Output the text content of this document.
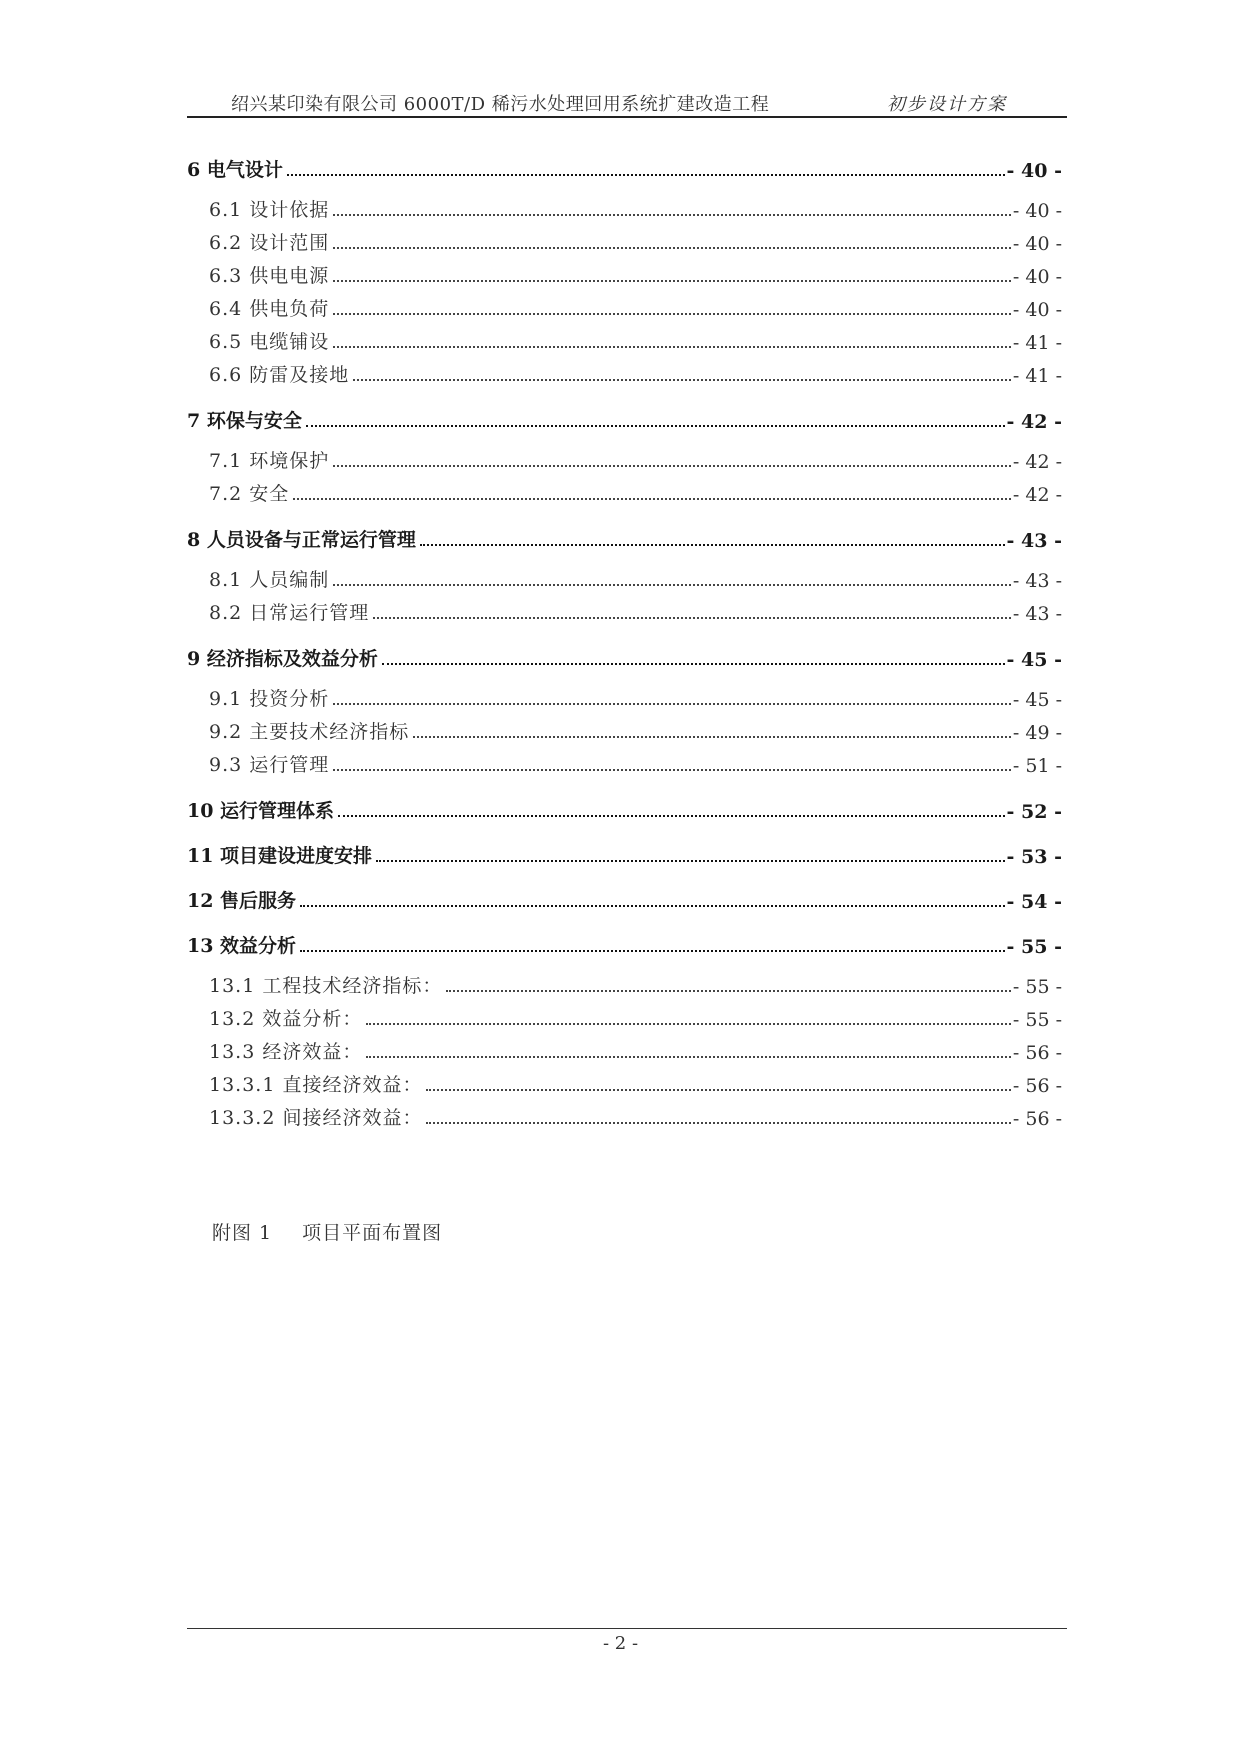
绍兴某印染有限公司 6000T/D 稀污水处理回用系统扩建改造工程	初步设计方案
6 电气设计	- 40 -
6.1 设计依据	- 40 -
6.2 设计范围	- 40 -
6.3 供电电源	- 40 -
6.4 供电负荷	- 40 -
6.5 电缆铺设	- 41 -
6.6 防雷及接地	- 41 -
7 环保与安全	- 42 -
7.1 环境保护	- 42 -
7.2 安全	- 42 -
8 人员设备与正常运行管理	- 43 -
8.1 人员编制	- 43 -
8.2 日常运行管理	- 43 -
9 经济指标及效益分析	- 45 -
9.1 投资分析	- 45 -
9.2 主要技术经济指标	- 49 -
9.3 运行管理	- 51 -
10 运行管理体系	- 52 -
11 项目建设进度安排	- 53 -
12 售后服务	- 54 -
13 效益分析	- 55 -
13.1 工程技术经济指标：	- 55 -
13.2 效益分析：	- 55 -
13.3 经济效益：	- 56 -
13.3.1 直接经济效益：	- 56 -
13.3.2 间接经济效益：	- 56 -
附图 1 项目平面布置图
- 2 -
